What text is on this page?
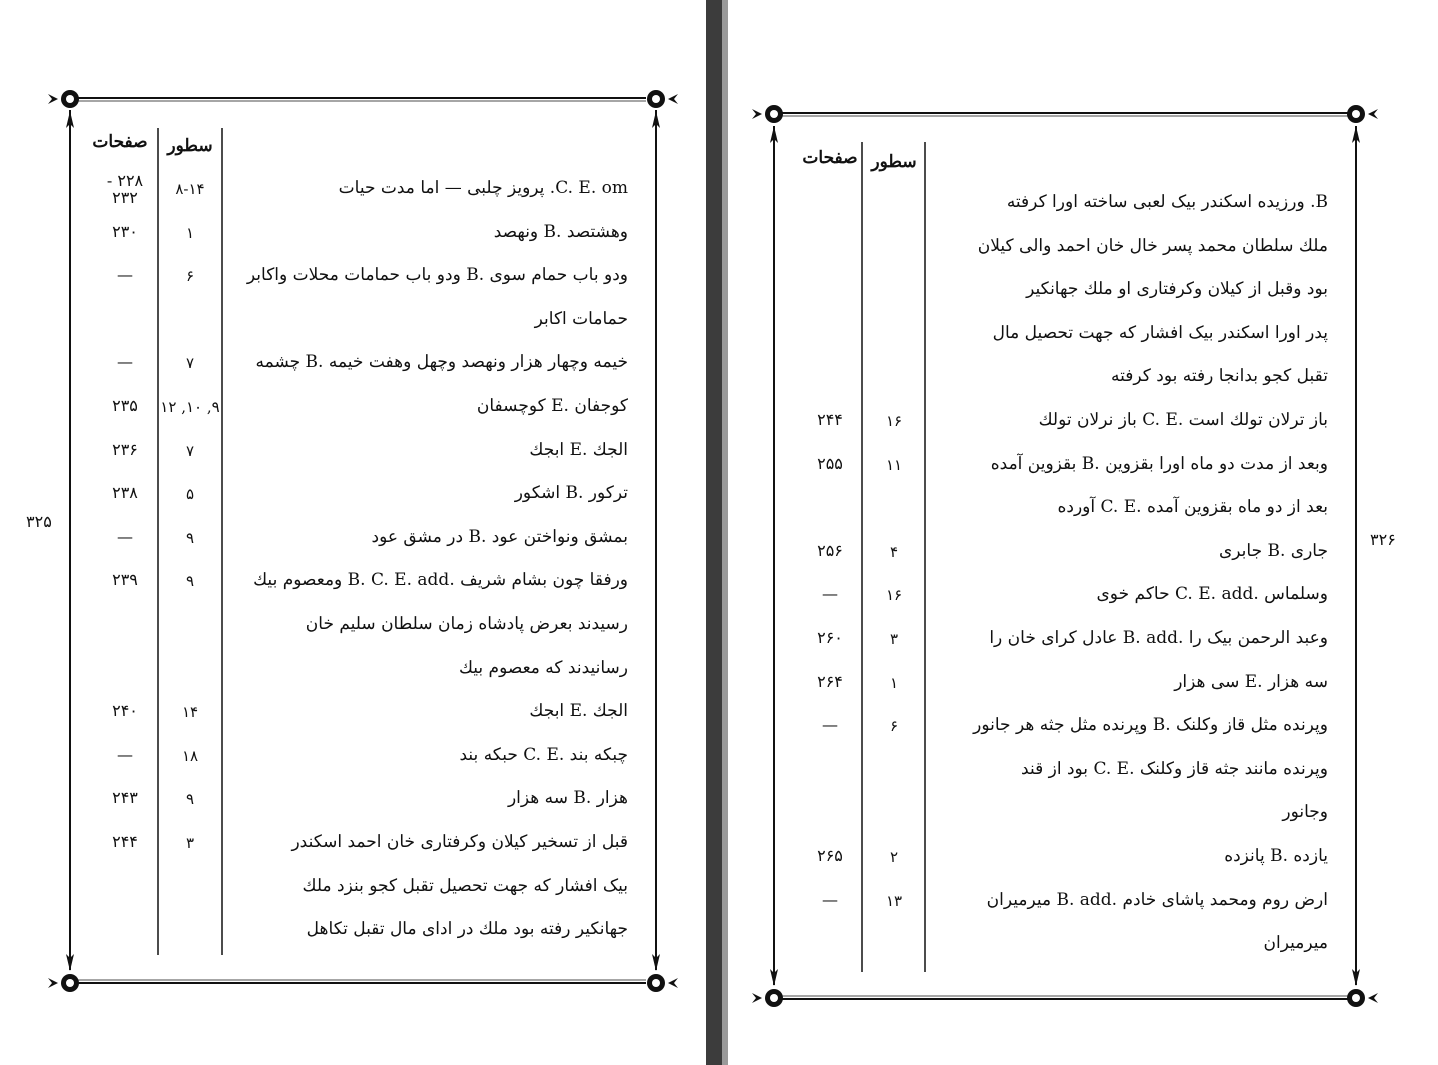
۳۲۵
صفحات	سطور
۲۲۸ - ۲۳۲	۸-۱۴	C. E. om. پرویز چلبی — اما مدت حیات
۲۳۰	۱	وهشتصد .B ونهصد
—	۶	ودو باب حمام سوی .B ودو باب حمامات محلات واکابر
حمامات اکابر
—	۷	خیمه وچهار هزار ونهصد وچهل وهفت خیمه .B چشمه
۲۳۵	۹, ۱۰, ۱۲	کوجفان .E کوچسفان
۲۳۶	۷	الجك .E ابجك
۲۳۸	۵	ترکور .B اشکور
—	۹	بمشق ونواختن عود .B در مشق عود
۲۳۹	۹	ورفقا چون بشام شریف .B. C. E. add ومعصوم بیك
رسیدند بعرض پادشاه زمان سلطان سلیم خان
رسانیدند که معصوم بیك
۲۴۰	۱۴	الجك .E ابجك
—	۱۸	چبکه بند .C. E حبکه بند
۲۴۳	۹	هزار .B سه هزار
۲۴۴	۳	قبل از تسخیر کیلان وکرفتاری خان احمد اسکندر
بیک افشار که جهت تحصیل تقبل کجو بنزد ملك
جهانکیر رفته بود ملك در ادای مال تقبل تکاهل
۳۲۶
صفحات سطور
B. ورزیده اسکندر بیک لعبی ساخته اورا کرفته
ملك سلطان محمد پسر خال خان احمد والی کیلان
بود وقبل از کیلان وکرفتاری او ملك جهانکیر
پدر اورا اسکندر بیک افشار که جهت تحصیل مال
تقبل کجو بدانجا رفته بود کرفته
۲۴۴	۱۶	باز ترلان تولك است .C. E باز نرلان تولك
۲۵۵	۱۱	وبعد از مدت دو ماه اورا بقزوین .B بقزوین آمده
بعد از دو ماه بقزوین آمده .C. E آورده
۲۵۶	۴	جاری .B جابری
—	۱۶	وسلماس .C. E. add حاکم خوی
۲۶۰	۳	وعبد الرحمن بیک را .B. add عادل کرای خان را
۲۶۴	۱	سه هزار .E سی هزار
—	۶	وپرنده مثل قاز وکلنک .B وپرنده مثل جثه هر جانور
وپرنده مانند جثه قاز وکلنک .C. E بود از قند
وجانور
۲۶۵	۲	یازده .B پانزده
—	۱۳	ارض روم ومحمد پاشای خادم .B. add میرمیران
میرمیران
